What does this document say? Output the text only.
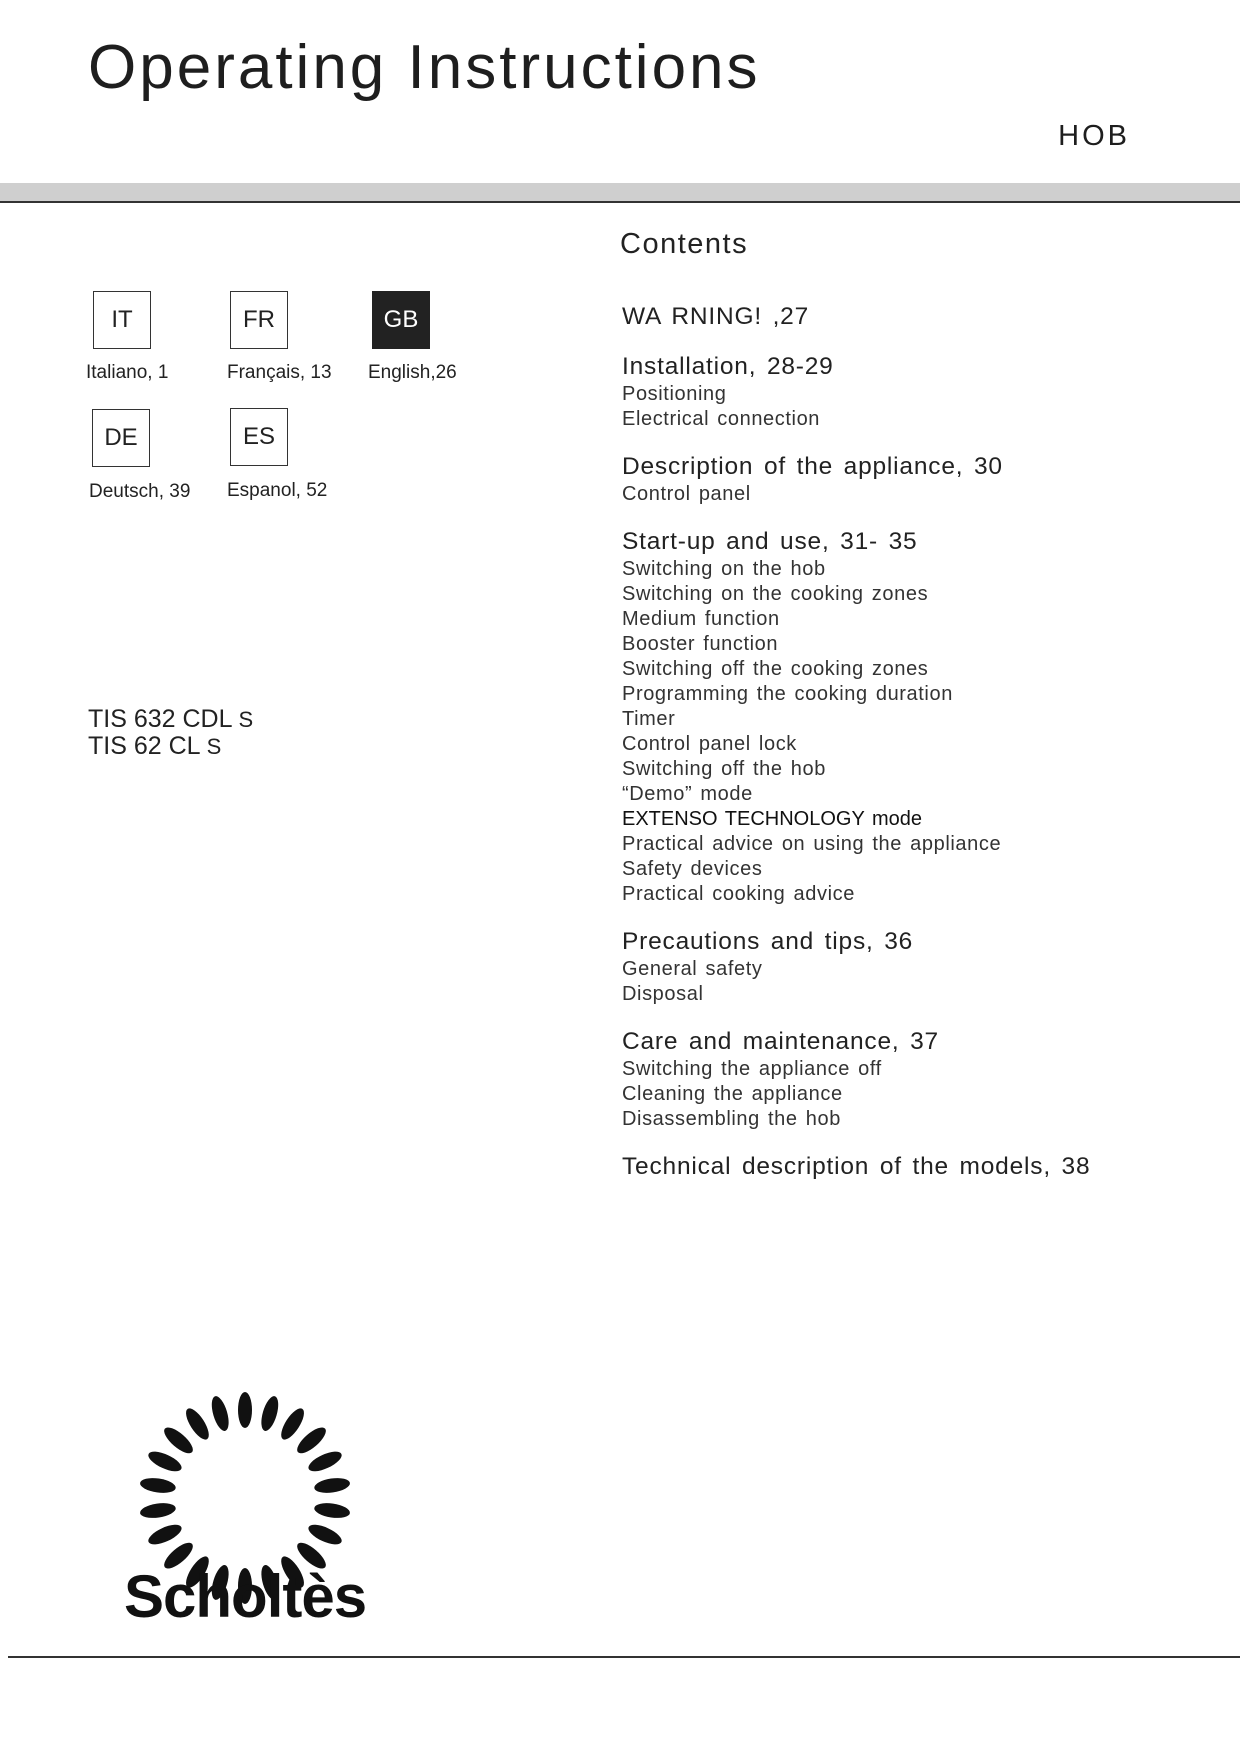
Operating Instructions
HOB
IT
Italiano, 1
FR
Français, 13
GB
English,26
DE
Deutsch, 39
ES
Espanol, 52
TIS 632 CDL S
TIS 62 CL S
Contents
WA RNING! ,27
Installation, 28-29
Positioning
Electrical connection
Description of the appliance, 30
Control panel
Start-up and use, 31- 35
Switching on the hob
Switching on the cooking zones
Medium function
Booster function
Switching off the cooking zones
Programming the cooking duration
Timer
Control panel lock
Switching off the hob
“Demo” mode
EXTENSO TECHNOLOGY mode
Practical advice on using the appliance
Safety devices
Practical cooking advice
Precautions and tips, 36
General safety
Disposal
Care and maintenance, 37
Switching the appliance off
Cleaning the appliance
Disassembling the hob
Technical description of the models, 38
Scholtès
